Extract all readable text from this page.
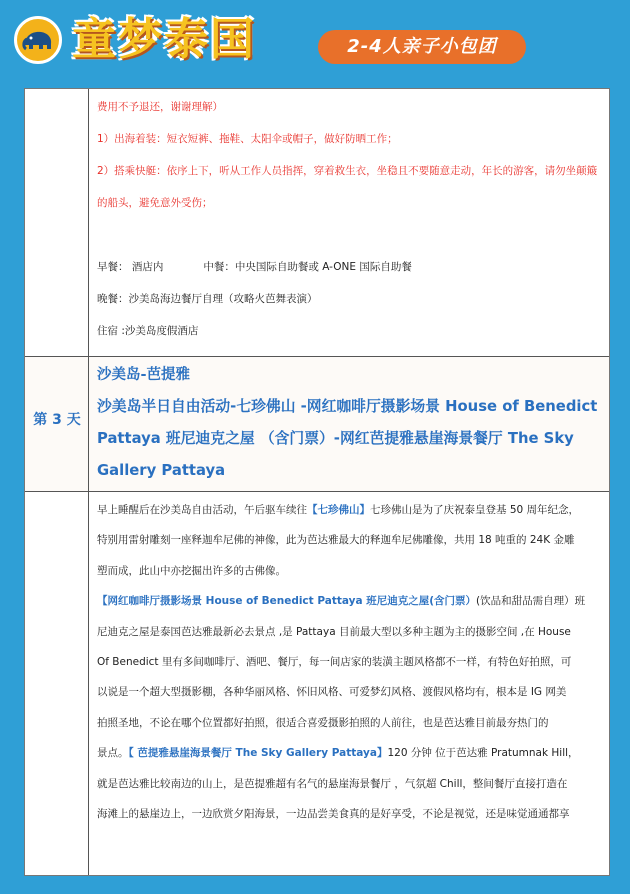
童梦泰国	2-4人亲子小包团
费用不予退还，谢谢理解）
1）出海着装：短衣短裤、拖鞋、太阳伞或帽子，做好防晒工作；
2）搭乘快艇：依序上下，听从工作人员指挥，穿着救生衣，坐稳且不要随意走动，年长的游客，请勿坐颠簸
的船头，避免意外受伤；
早餐： 酒店内            中餐：中央国际自助餐或 A-ONE 国际自助餐
晚餐：沙美岛海边餐厅自理（攻略火芭舞表演）
住宿 :沙美岛度假酒店
第 3 天
沙美岛-芭提雅
沙美岛半日自由活动-七珍佛山 -网红咖啡厅摄影场景 House of Benedict
Pattaya 班尼迪克之屋 （含门票）-网红芭提雅悬崖海景餐厅 The Sky
Gallery Pattaya
早上睡醒后在沙美岛自由活动，午后驱车续往【七珍佛山】七珍佛山是为了庆祝泰皇登基 50 周年纪念，
特别用雷射雕刻一座释迦牟尼佛的神像，此为芭达雅最大的释迦牟尼佛雕像，共用 18 吨重的 24K 金雕
塑而成，此山中亦挖掘出许多的古佛像。
【网红咖啡厅摄影场景 House of Benedict Pattaya 班尼迪克之屋(含门票）(饮品和甜品需自理）班
尼迪克之屋是泰国芭达雅最新必去景点 ,是 Pattaya 目前最大型以多种主题为主的摄影空间 ,在 House
Of Benedict 里有多间咖啡厅、酒吧、餐厅，每一间店家的装潢主题风格都不一样，有特色好拍照，可
以说是一个超大型摄影棚，各种华丽风格、怀旧风格、可爱梦幻风格、渡假风格均有，根本是 IG 网美
拍照圣地，不论在哪个位置都好拍照，很适合喜爱摄影拍照的人前往，也是芭达雅目前最夯热门的
景点。【 芭提雅悬崖海景餐厅 The Sky Gallery Pattaya】120 分钟 位于芭达雅 Pratumnak Hill，
就是芭达雅比较南边的山上，是芭提雅超有名气的悬崖海景餐厅 ，气氛超 Chill，整间餐厅直接打造在
海滩上的悬崖边上，一边欣赏夕阳海景，一边品尝美食真的是好享受，不论是视觉，还是味觉通通都享
